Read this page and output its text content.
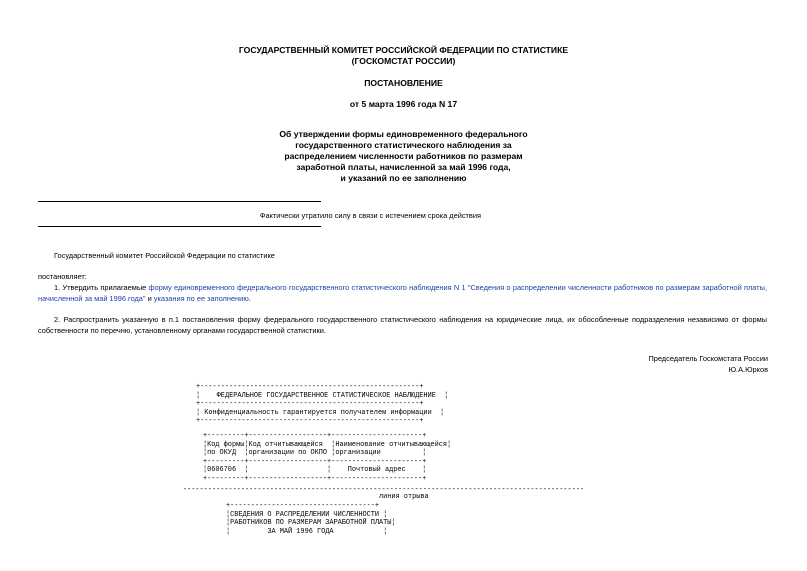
ГОСУДАРСТВЕННЫЙ КОМИТЕТ РОССИЙСКОЙ ФЕДЕРАЦИИ ПО СТАТИСТИКЕ
(ГОСКОМСТАТ РОССИИ)
ПОСТАНОВЛЕНИЕ
от 5 марта 1996 года N 17
Об утверждении формы единовременного федерального
государственного статистического наблюдения за
распределением численности работников по размерам
заработной платы, начисленной за май 1996 года,
и указаний по ее заполнению
Фактически утратило силу в связи с истечением срока действия
Государственный комитет Российской Федерации по статистике
постановляет:
1. Утвердить прилагаемые форму единовременного федерального государственного статистического наблюдения N 1 "Сведения о распределении численности работников по размерам заработной платы, начисленной за май 1996 года" и указания по ее заполнению.
2. Распространить указанную в п.1 постановления форму федерального государственного статистического наблюдения на юридические лица, их обособленные подразделения независимо от формы собственности по перечню, установленному органами государственной статистики.
Председатель Госкомстата России
Ю.А.Юрков
+-----------------------------------------------------+
¦    ФЕДЕРАЛЬНОЕ ГОСУДАРСТВЕННОЕ СТАТИСТИЧЕСКОЕ НАБЛЮДЕНИЕ  ¦
+-----------------------------------------------------+
¦ Конфиденциальность гарантируется получателем информации  ¦
+-----------------------------------------------------+
+---------+-------------------+----------------------+
¦Код формы¦Код отчитывающейся  ¦Наименование отчитывающейся¦
¦по ОКУД  ¦организации по ОКПО ¦организации          ¦
+---------+-------------------+----------------------+
¦0606706  ¦                   ¦    Почтовый адрес    ¦
+---------+-------------------+----------------------+
-------------------------------------------------------------------------------------------------
линия отрыва
+-----------------------------------+
¦СВЕДЕНИЯ О РАСПРЕДЕЛЕНИИ ЧИСЛЕННОСТИ ¦
¦РАБОТНИКОВ ПО РАЗМЕРАМ ЗАРАБОТНОЙ ПЛАТЫ¦
¦         ЗА МАЙ 1996 ГОДА            ¦
